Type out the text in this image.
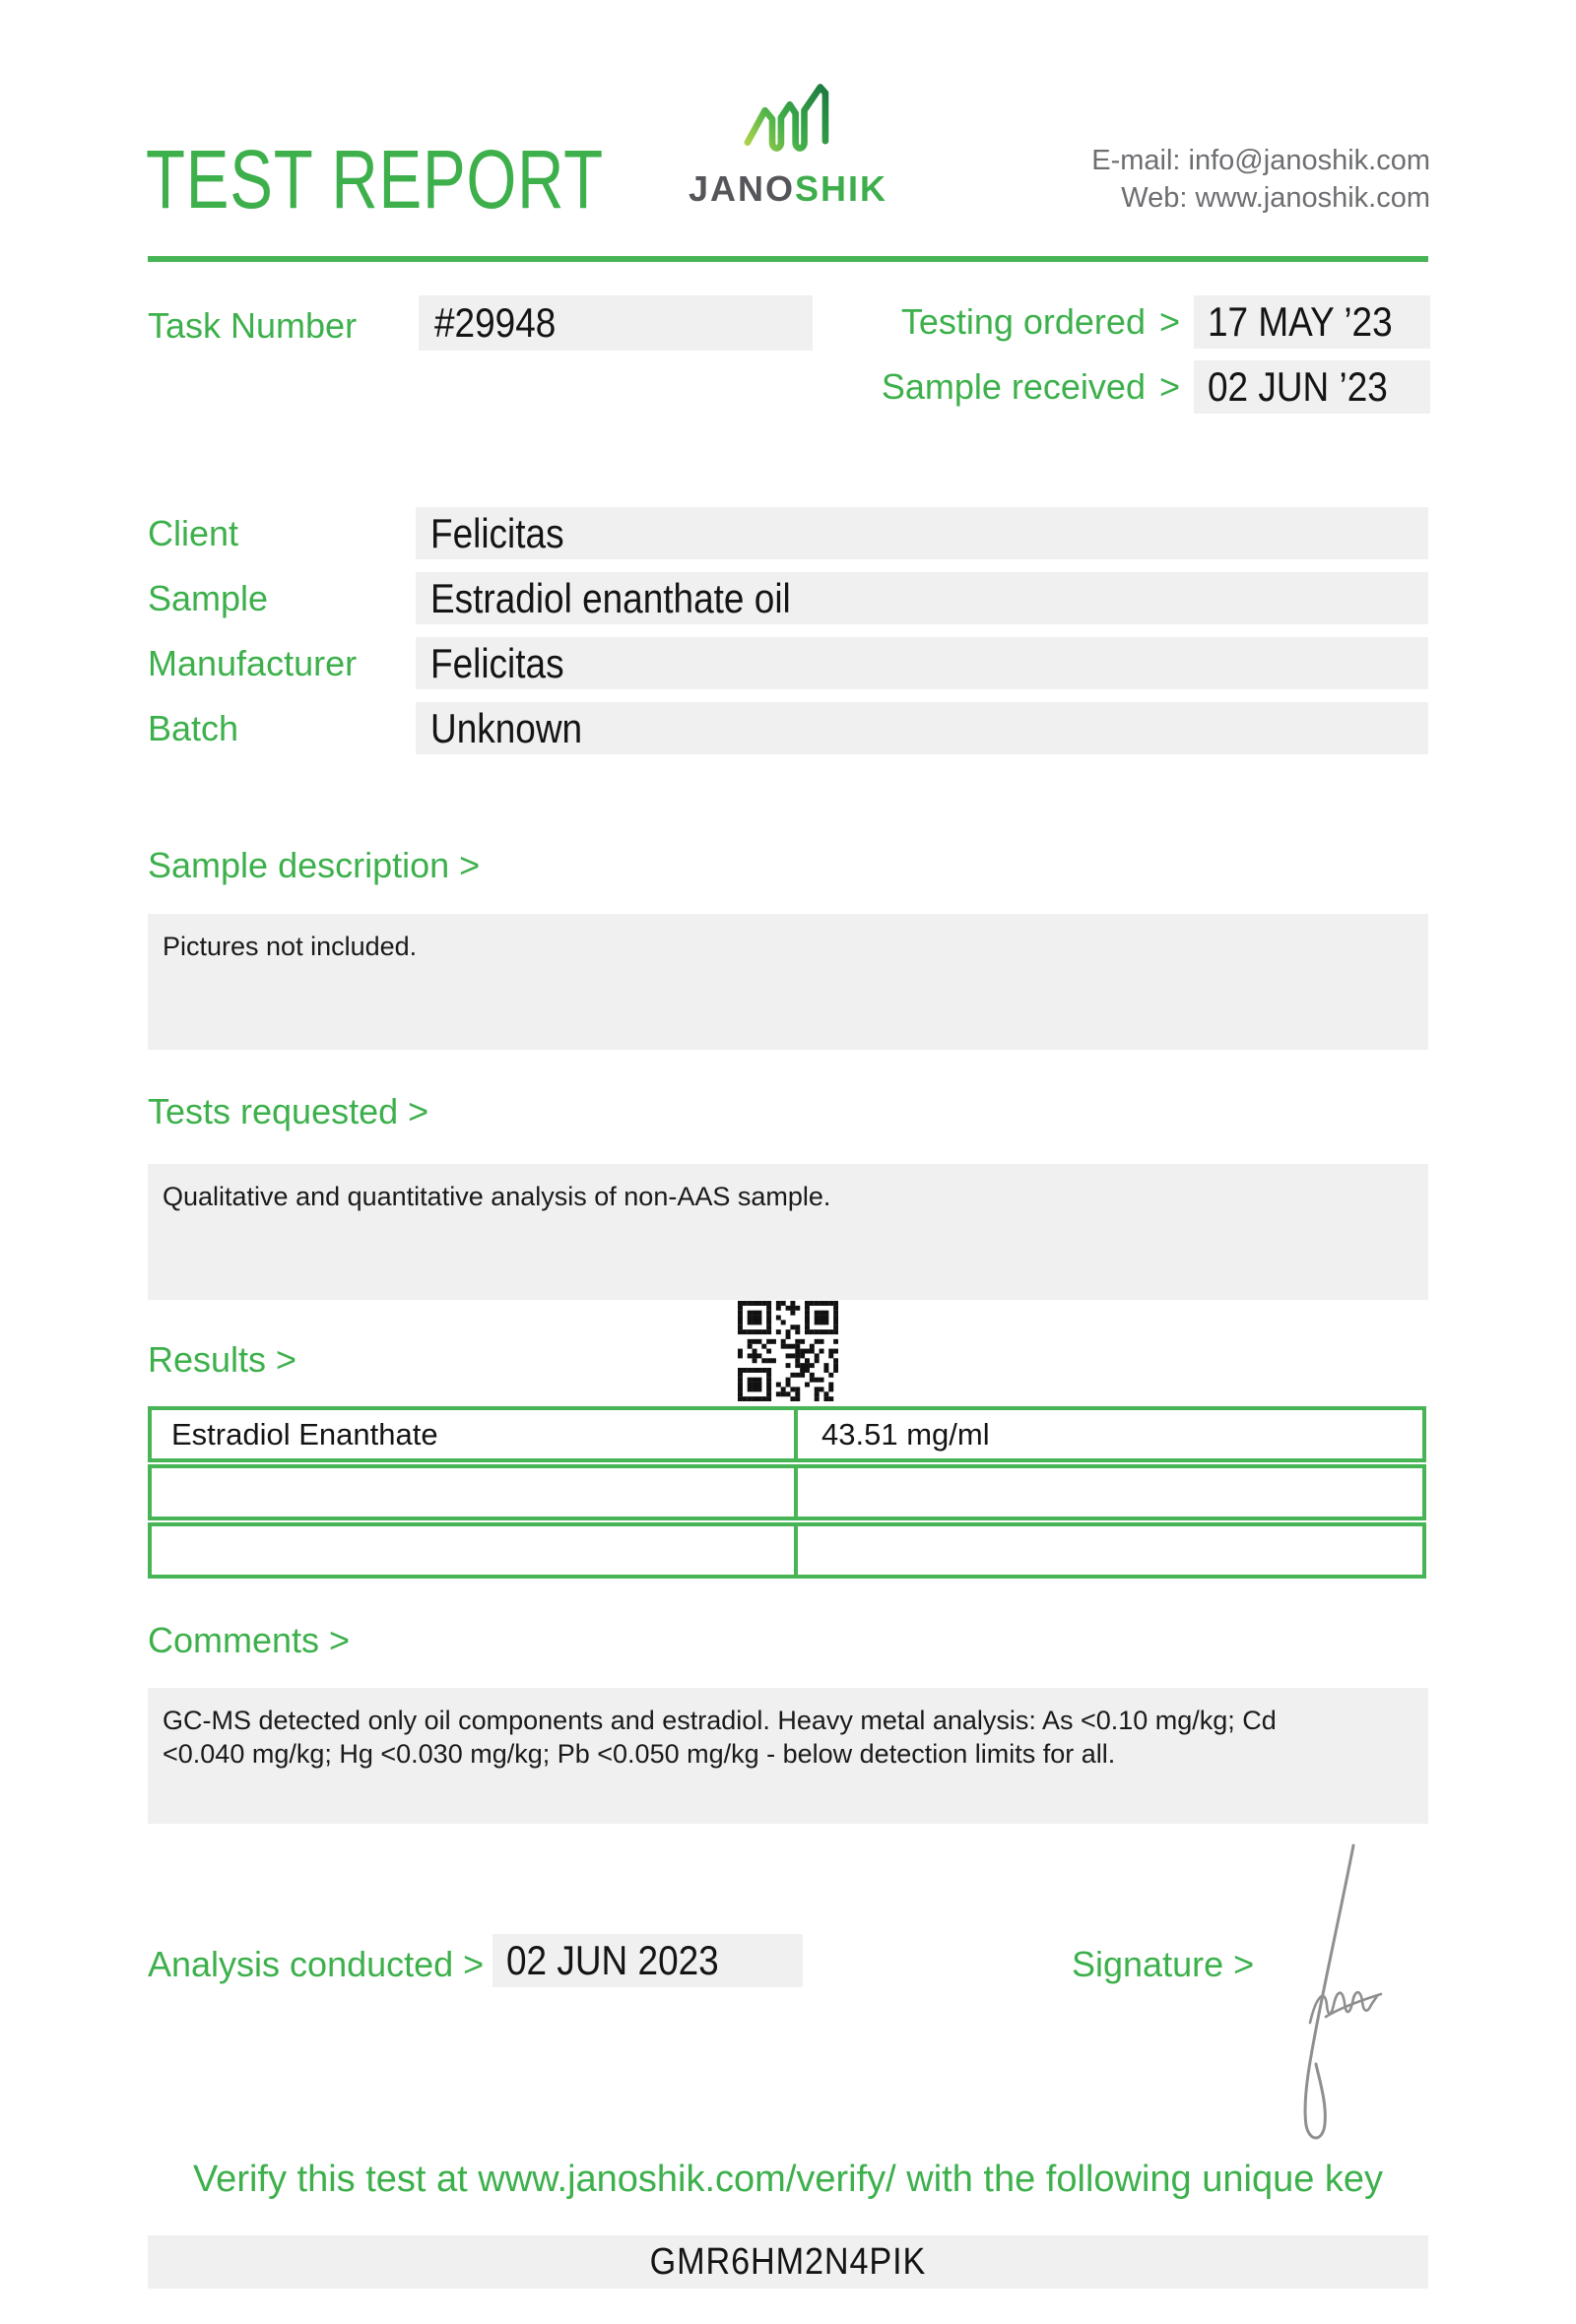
TEST REPORT JANOSHIK
E-mail: info@janoshik.com
Web: www.janoshik.com
Task Number #29948	Testing ordered > 17 MAY ’23
Sample received > 02 JUN ’23
Client	Felicitas
Sample	Estradiol enanthate oil
Manufacturer Felicitas
Batch	Unknown
Sample description >
Pictures not included.
Tests requested >
Qualitative and quantitative analysis of non-AAS sample.
Results >
Estradiol Enanthate	43.51 mg/ml
Comments >
GC-MS detected only oil components and estradiol. Heavy metal analysis: As <0.10 mg/kg; Cd <0.040 mg/kg; Hg <0.030 mg/kg; Pb <0.050 mg/kg - below detection limits for all.
Analysis conducted > 02 JUN 2023	Signature >
Verify this test at www.janoshik.com/verify/ with the following unique key
GMR6HM2N4PIK
